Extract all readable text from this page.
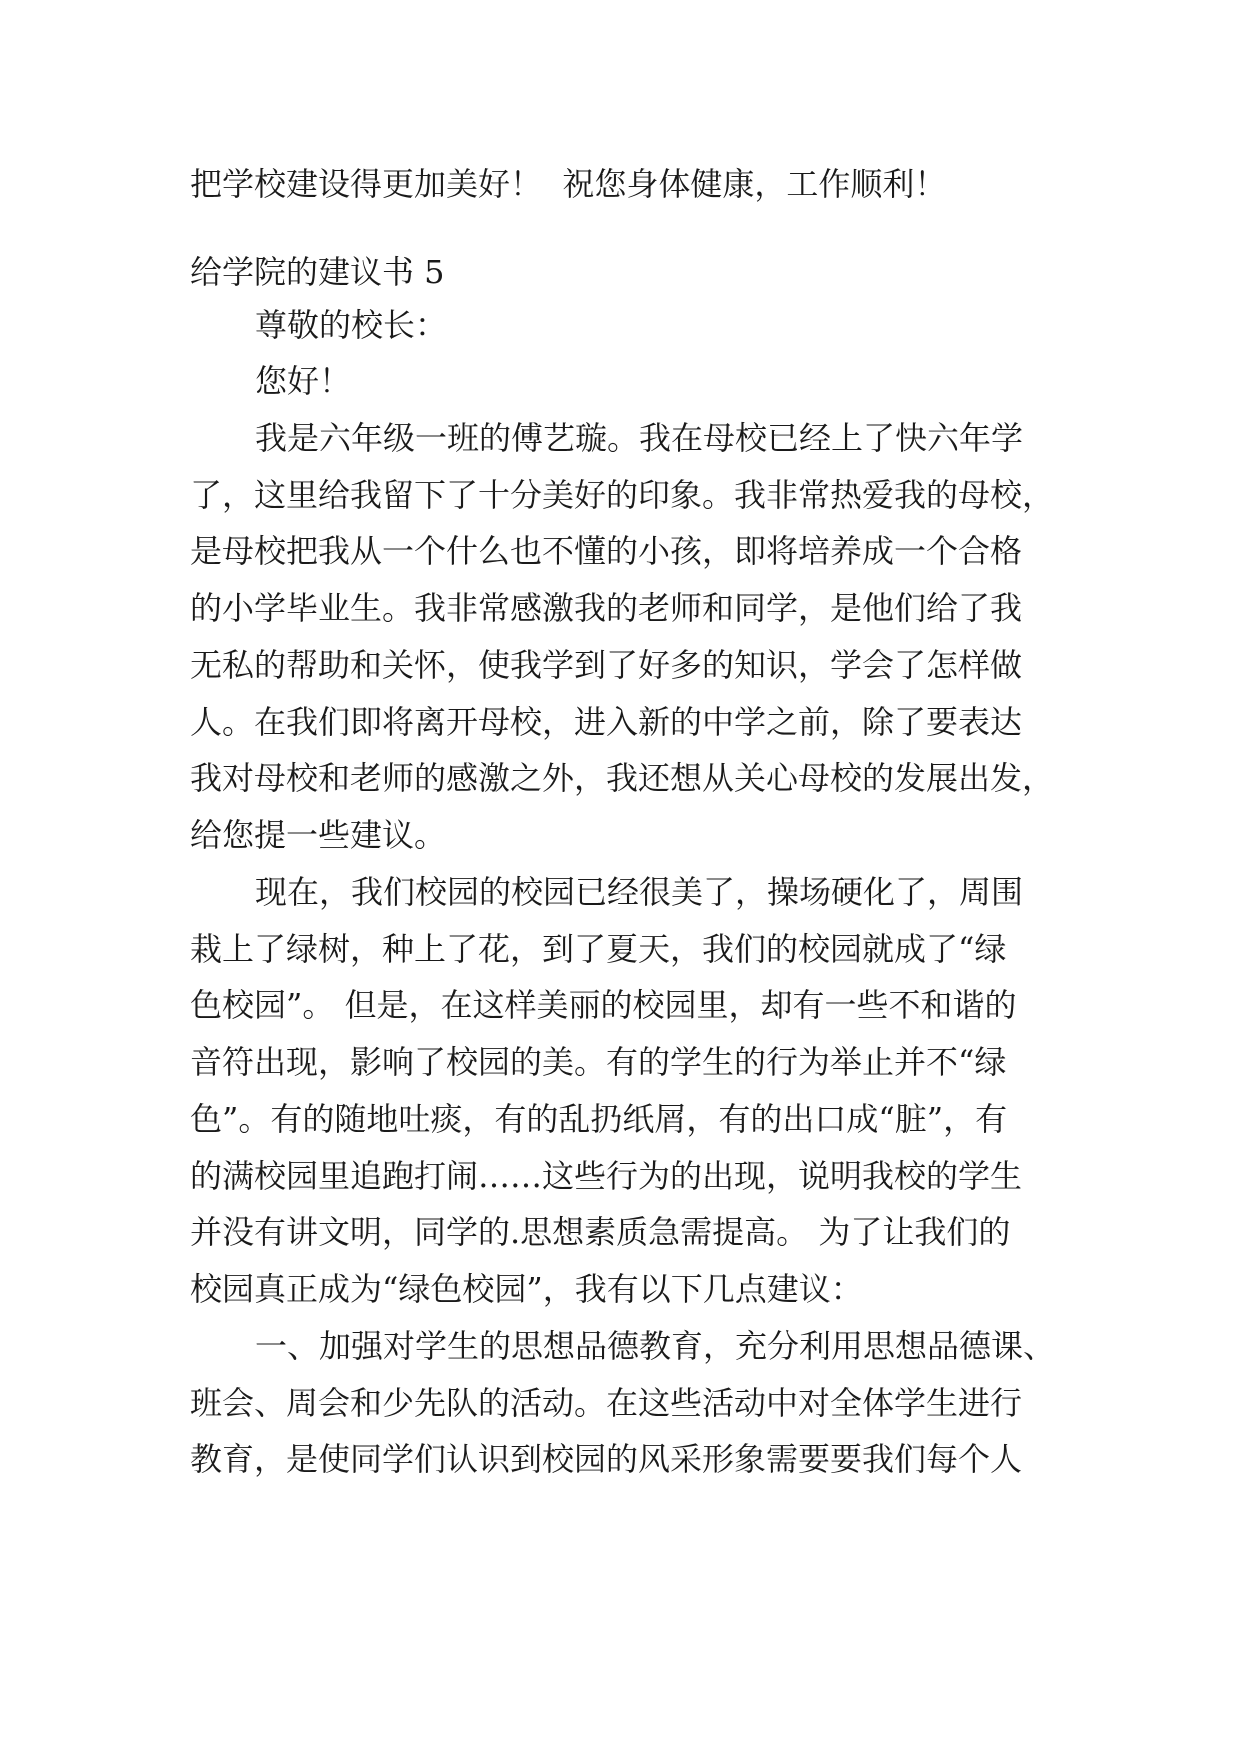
把学校建设得更加美好！  祝您身体健康，工作顺利！

给学院的建议书 5

尊敬的校长：

您好！

我是六年级一班的傅艺璇。我在母校已经上了快六年学

了，这里给我留下了十分美好的印象。我非常热爱我的母校，

是母校把我从一个什么也不懂的小孩，即将培养成一个合格

的小学毕业生。我非常感激我的老师和同学，是他们给了我

无私的帮助和关怀，使我学到了好多的知识，学会了怎样做

人。在我们即将离开母校，进入新的中学之前，除了要表达

我对母校和老师的感激之外，我还想从关心母校的发展出发，

给您提一些建议。

现在，我们校园的校园已经很美了，操场硬化了，周围

栽上了绿树，种上了花，到了夏天，我们的校园就成了“绿

色校园”。 但是，在这样美丽的校园里，却有一些不和谐的

音符出现，影响了校园的美。有的学生的行为举止并不“绿

色”。有的随地吐痰，有的乱扔纸屑，有的出口成“脏”，有

的满校园里追跑打闹……这些行为的出现，说明我校的学生

并没有讲文明，同学的.思想素质急需提高。 为了让我们的

校园真正成为“绿色校园”，我有以下几点建议：

一、加强对学生的思想品德教育，充分利用思想品德课、

班会、周会和少先队的活动。在这些活动中对全体学生进行

教育，是使同学们认识到校园的风采形象需要要我们每个人
